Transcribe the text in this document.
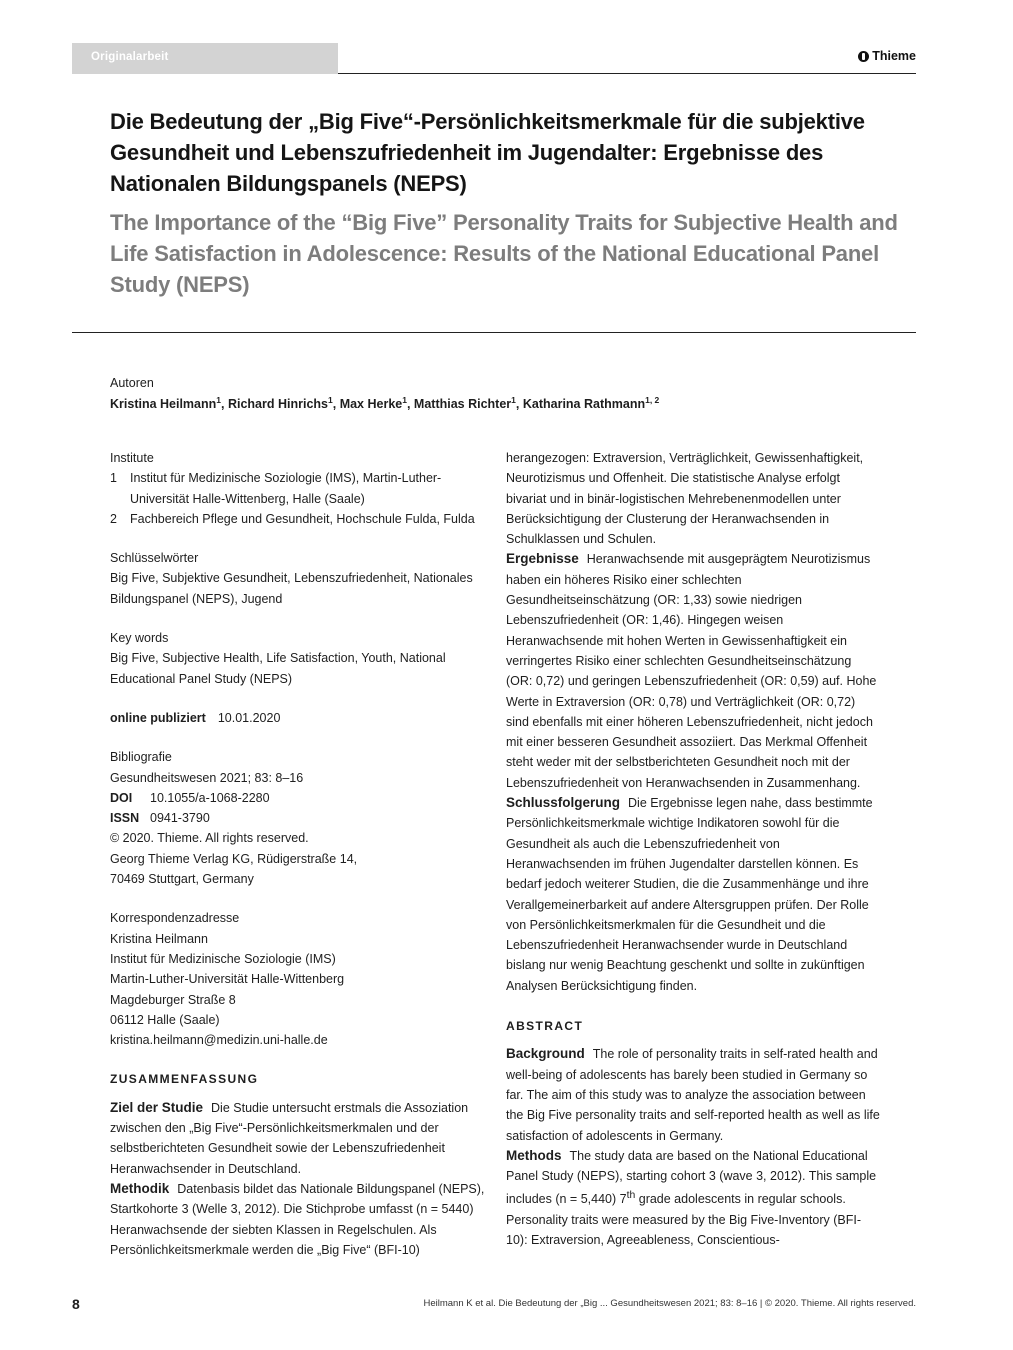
Originalarbeit	Thieme
Die Bedeutung der „Big Five“-Persönlichkeitsmerkmale für die subjektive Gesundheit und Lebenszufriedenheit im Jugendalter: Ergebnisse des Nationalen Bildungspanels (NEPS)
The Importance of the “Big Five” Personality Traits for Subjective Health and Life Satisfaction in Adolescence: Results of the National Educational Panel Study (NEPS)
Autoren
Kristina Heilmann$^1$, Richard Hinrichs$^1$, Max Herke$^1$, Matthias Richter$^1$, Katharina Rathmann$^{1, 2}$
Institute
1	Institut für Medizinische Soziologie (IMS), Martin-Luther-Universität Halle-Wittenberg, Halle (Saale)
2	Fachbereich Pflege und Gesundheit, Hochschule Fulda, Fulda
Schlüsselwörter
Big Five, Subjektive Gesundheit, Lebenszufriedenheit, Nationales Bildungspanel (NEPS), Jugend
Key words
Big Five, Subjective Health, Life Satisfaction, Youth, National Educational Panel Study (NEPS)
online publiziert 10.01.2020
Bibliografie
Gesundheitswesen 2021; 83: 8–16
DOI 10.1055/a-1068-2280
ISSN 0941-3790
© 2020. Thieme. All rights reserved.
Georg Thieme Verlag KG, Rüdigerstraße 14,
70469 Stuttgart, Germany
Korrespondenzadresse
Kristina Heilmann
Institut für Medizinische Soziologie (IMS)
Martin-Luther-Universität Halle-Wittenberg
Magdeburger Straße 8
06112 Halle (Saale)
kristina.heilmann@medizin.uni-halle.de
ZUSAMMENFASSUNG

Ziel der Studie Die Studie untersucht erstmals die Assoziation zwischen den „Big Five“-Persönlichkeitsmerkmalen und der selbstberichteten Gesundheit sowie der Lebenszufriedenheit Heranwachsender in Deutschland.

Methodik Datenbasis bildet das Nationale Bildungspanel (NEPS), Startkohorte 3 (Welle 3, 2012). Die Stichprobe umfasst (n = 5440) Heranwachsende der siebten Klassen in Regelschulen. Als Persönlichkeitsmerkmale werden die „Big Five“ (BFI-10)

herangezogen: Extraversion, Verträglichkeit, Gewissenhaftigkeit, Neurotizismus und Offenheit. Die statistische Analyse erfolgt bivariat und in binär-logistischen Mehrebenenmodellen unter Berücksichtigung der Clusterung der Heranwachsenden in Schulklassen und Schulen.

Ergebnisse Heranwachsende mit ausgeprägtem Neurotizismus haben ein höheres Risiko einer schlechten Gesundheitseinschätzung (OR: 1,33) sowie niedrigen Lebenszufriedenheit (OR: 1,46). Hingegen weisen Heranwachsende mit hohen Werten in Gewissenhaftigkeit ein verringertes Risiko einer schlechten Gesundheitseinschätzung (OR: 0,72) und geringen Lebenszufriedenheit (OR: 0,59) auf. Hohe Werte in Extraversion (OR: 0,78) und Verträglichkeit (OR: 0,72) sind ebenfalls mit einer höheren Lebenszufriedenheit, nicht jedoch mit einer besseren Gesundheit assoziiert. Das Merkmal Offenheit steht weder mit der selbstberichteten Gesundheit noch mit der Lebenszufriedenheit von Heranwachsenden in Zusammenhang.

Schlussfolgerung Die Ergebnisse legen nahe, dass bestimmte Persönlichkeitsmerkmale wichtige Indikatoren sowohl für die Gesundheit als auch die Lebenszufriedenheit von Heranwachsenden im frühen Jugendalter darstellen können. Es bedarf jedoch weiterer Studien, die die Zusammenhänge und ihre Verallgemeinerbarkeit auf andere Altersgruppen prüfen. Der Rolle von Persönlichkeitsmerkmalen für die Gesundheit und die Lebenszufriedenheit Heranwachsender wurde in Deutschland bislang nur wenig Beachtung geschenkt und sollte in zukünftigen Analysen Berücksichtigung finden.

ABSTRACT

Background The role of personality traits in self-rated health and well-being of adolescents has barely been studied in Germany so far. The aim of this study was to analyze the association between the Big Five personality traits and self-reported health as well as life satisfaction of adolescents in Germany.

Methods The study data are based on the National Educational Panel Study (NEPS), starting cohort 3 (wave 3, 2012). This sample includes (n = 5,440) 7th grade adolescents in regular schools. Personality traits were measured by the Big Five-Inventory (BFI-10): Extraversion, Agreeableness, Conscientious-

8	Heilmann K et al. Die Bedeutung der „Big ... Gesundheitswesen 2021; 83: 8–16 | © 2020. Thieme. All rights reserved.
